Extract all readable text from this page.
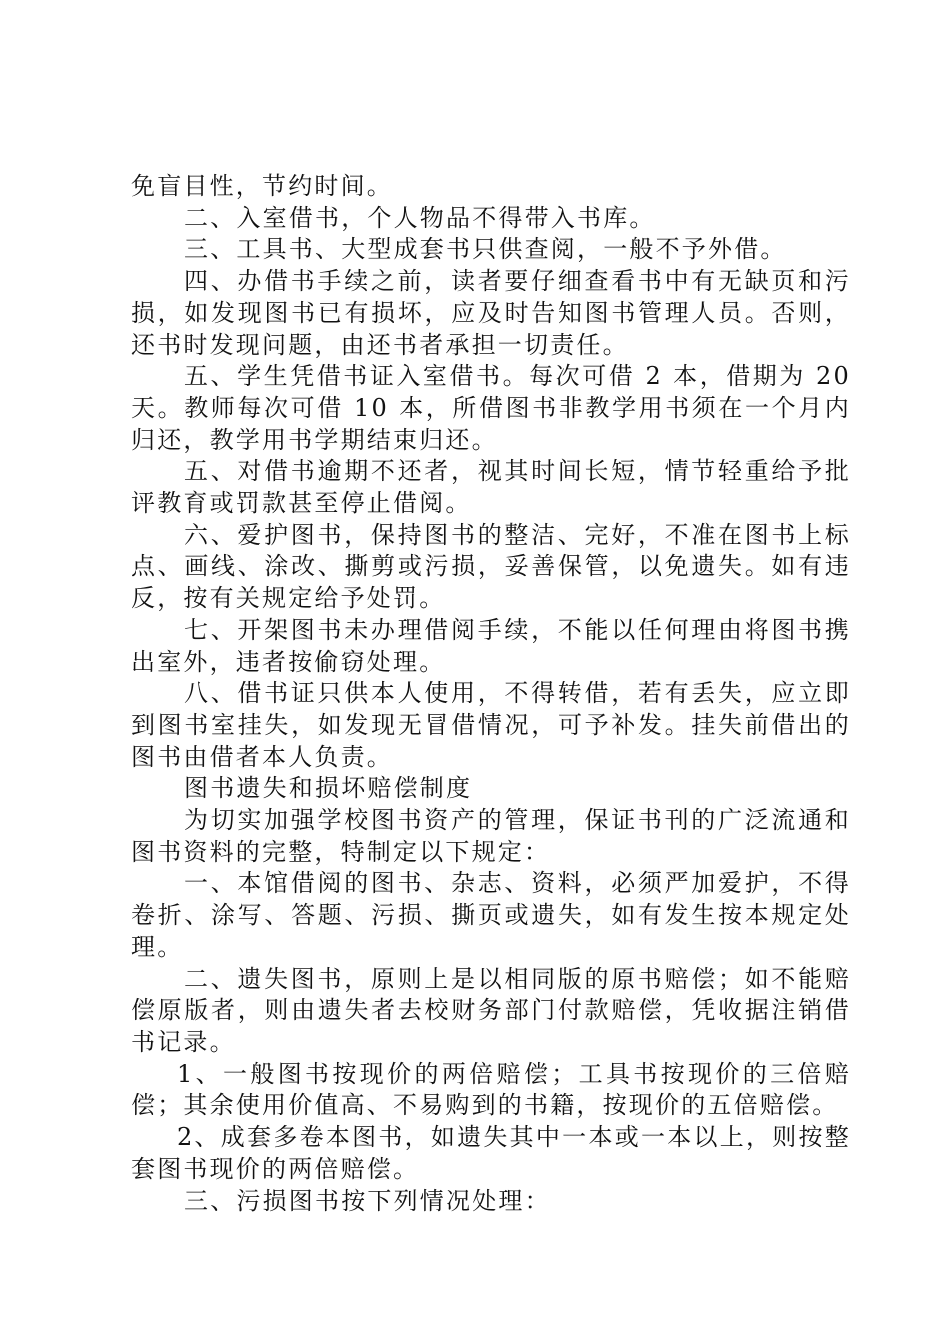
免盲目性，节约时间。

二、入室借书，个人物品不得带入书库。

三、工具书、大型成套书只供查阅，一般不予外借。

四、办借书手续之前，读者要仔细查看书中有无缺页和污损，如发现图书已有损坏，应及时告知图书管理人员。否则，还书时发现问题，由还书者承担一切责任。

五、学生凭借书证入室借书。每次可借 2 本，借期为 20 天。教师每次可借 10 本，所借图书非教学用书须在一个月内归还，教学用书学期结束归还。

五、对借书逾期不还者，视其时间长短，情节轻重给予批评教育或罚款甚至停止借阅。

六、爱护图书，保持图书的整洁、完好，不准在图书上标点、画线、涂改、撕剪或污损，妥善保管，以免遗失。如有违反，按有关规定给予处罚。

七、开架图书未办理借阅手续，不能以任何理由将图书携出室外，违者按偷窃处理。

八、借书证只供本人使用，不得转借，若有丢失，应立即到图书室挂失，如发现无冒借情况，可予补发。挂失前借出的图书由借者本人负责。

图书遗失和损坏赔偿制度

为切实加强学校图书资产的管理，保证书刊的广泛流通和图书资料的完整，特制定以下规定：

一、本馆借阅的图书、杂志、资料，必须严加爱护，不得卷折、涂写、答题、污损、撕页或遗失，如有发生按本规定处理。

二、遗失图书，原则上是以相同版的原书赔偿；如不能赔偿原版者，则由遗失者去校财务部门付款赔偿，凭收据注销借书记录。

1、一般图书按现价的两倍赔偿；工具书按现价的三倍赔偿；其余使用价值高、不易购到的书籍，按现价的五倍赔偿。

2、成套多卷本图书，如遗失其中一本或一本以上，则按整套图书现价的两倍赔偿。

三、污损图书按下列情况处理：
